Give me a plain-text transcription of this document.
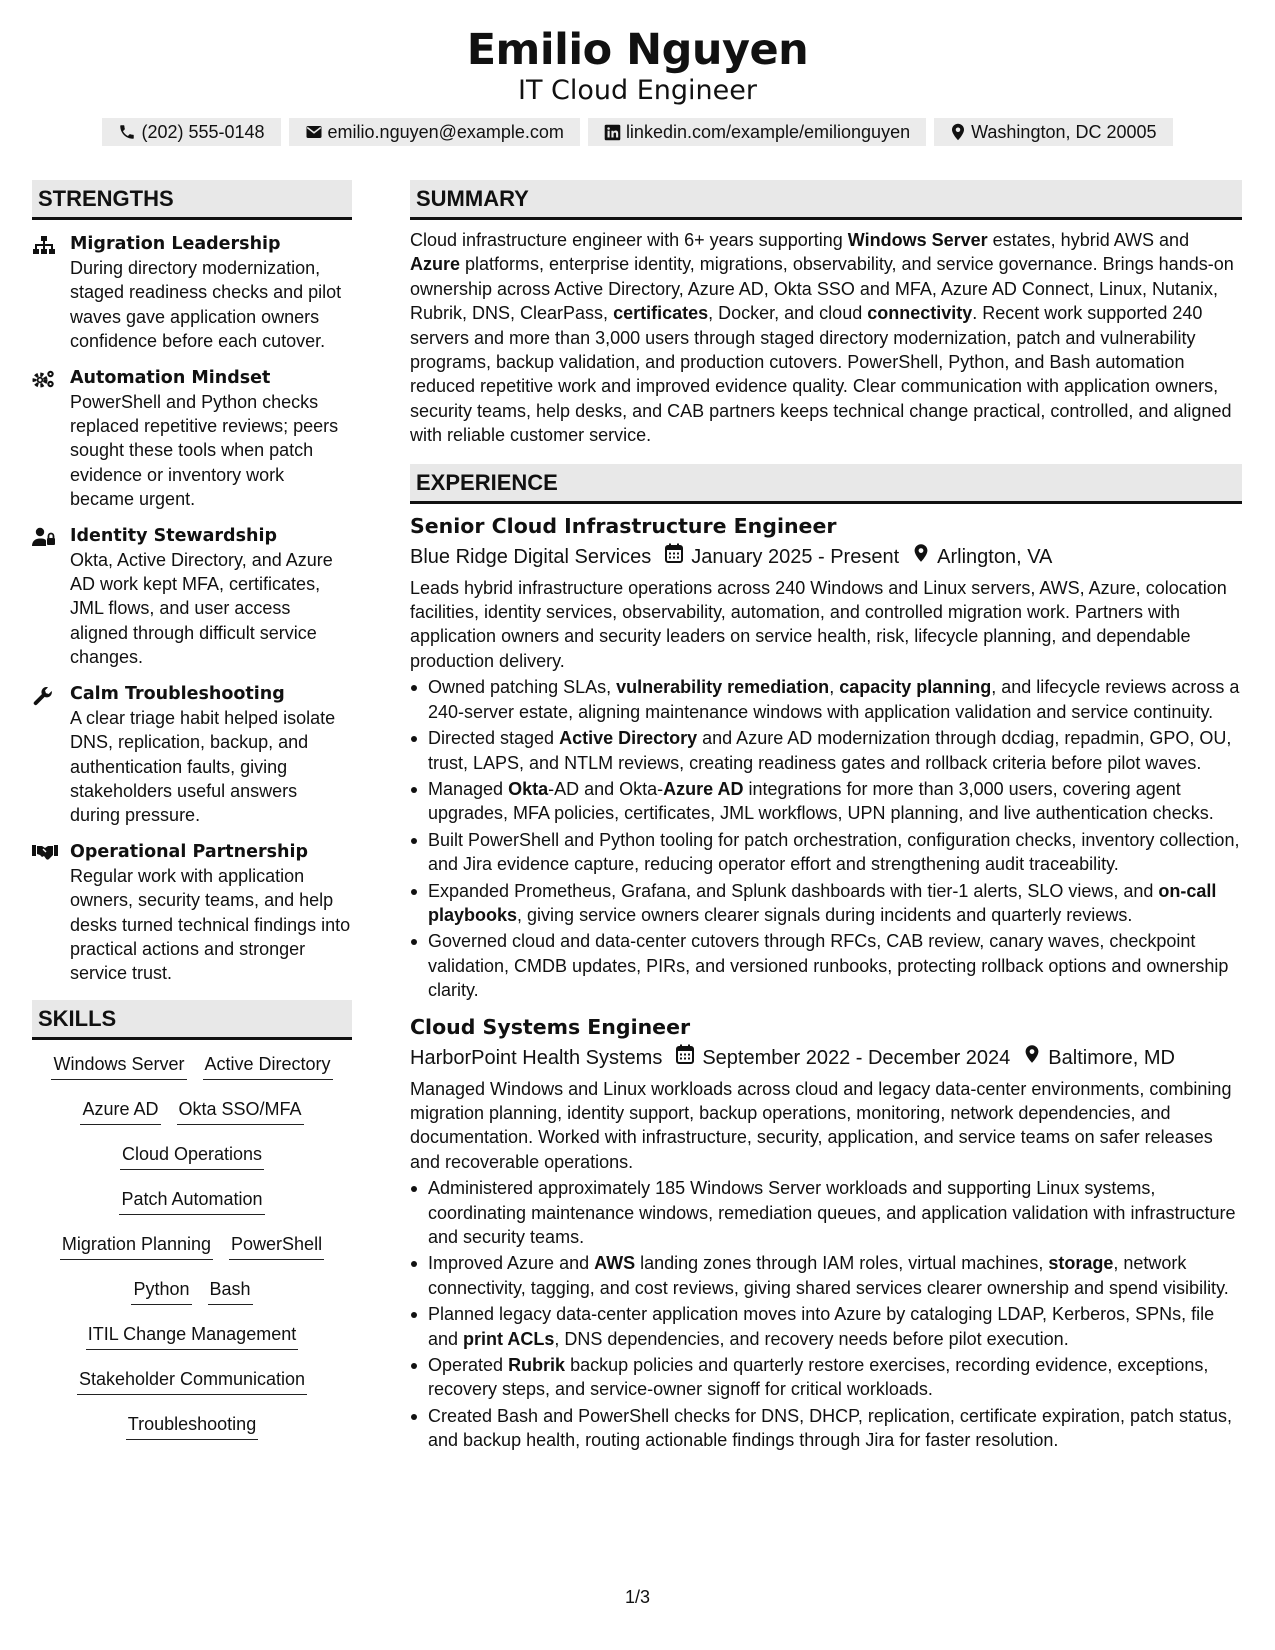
Emilio Nguyen
IT Cloud Engineer
(202) 555-0148	emilio.nguyen@example.com	linkedin.com/example/emilionguyen	Washington, DC 20005
STRENGTHS
Migration Leadership
During directory modernization, staged readiness checks and pilot waves gave application owners confidence before each cutover.
Automation Mindset
PowerShell and Python checks replaced repetitive reviews; peers sought these tools when patch evidence or inventory work became urgent.
Identity Stewardship
Okta, Active Directory, and Azure AD work kept MFA, certificates, JML flows, and user access aligned through difficult service changes.
Calm Troubleshooting
A clear triage habit helped isolate DNS, replication, backup, and authentication faults, giving stakeholders useful answers during pressure.
Operational Partnership
Regular work with application owners, security teams, and help desks turned technical findings into practical actions and stronger service trust.
SKILLS
Windows Server Active Directory
Azure AD Okta SSO/MFA
Cloud Operations
Patch Automation
Migration Planning PowerShell
Python Bash
ITIL Change Management
Stakeholder Communication
Troubleshooting
SUMMARY
Cloud infrastructure engineer with 6+ years supporting Windows Server estates, hybrid AWS and Azure platforms, enterprise identity, migrations, observability, and service governance. Brings hands-on ownership across Active Directory, Azure AD, Okta SSO and MFA, Azure AD Connect, Linux, Nutanix, Rubrik, DNS, ClearPass, certificates, Docker, and cloud connectivity. Recent work supported 240 servers and more than 3,000 users through staged directory modernization, patch and vulnerability programs, backup validation, and production cutovers. PowerShell, Python, and Bash automation reduced repetitive work and improved evidence quality. Clear communication with application owners, security teams, help desks, and CAB partners keeps technical change practical, controlled, and aligned with reliable customer service.
EXPERIENCE
Senior Cloud Infrastructure Engineer
Blue Ridge Digital Services January 2025 - Present Arlington, VA
Leads hybrid infrastructure operations across 240 Windows and Linux servers, AWS, Azure, colocation facilities, identity services, observability, automation, and controlled migration work. Partners with application owners and security leaders on service health, risk, lifecycle planning, and dependable production delivery.
Owned patching SLAs, vulnerability remediation, capacity planning, and lifecycle reviews across a 240-server estate, aligning maintenance windows with application validation and service continuity.
Directed staged Active Directory and Azure AD modernization through dcdiag, repadmin, GPO, OU, trust, LAPS, and NTLM reviews, creating readiness gates and rollback criteria before pilot waves.
Managed Okta-AD and Okta-Azure AD integrations for more than 3,000 users, covering agent upgrades, MFA policies, certificates, JML workflows, UPN planning, and live authentication checks.
Built PowerShell and Python tooling for patch orchestration, configuration checks, inventory collection, and Jira evidence capture, reducing operator effort and strengthening audit traceability.
Expanded Prometheus, Grafana, and Splunk dashboards with tier-1 alerts, SLO views, and on-call playbooks, giving service owners clearer signals during incidents and quarterly reviews.
Governed cloud and data-center cutovers through RFCs, CAB review, canary waves, checkpoint validation, CMDB updates, PIRs, and versioned runbooks, protecting rollback options and ownership clarity.
Cloud Systems Engineer
HarborPoint Health Systems September 2022 - December 2024 Baltimore, MD
Managed Windows and Linux workloads across cloud and legacy data-center environments, combining migration planning, identity support, backup operations, monitoring, network dependencies, and documentation. Worked with infrastructure, security, application, and service teams on safer releases and recoverable operations.
Administered approximately 185 Windows Server workloads and supporting Linux systems, coordinating maintenance windows, remediation queues, and application validation with infrastructure and security teams.
Improved Azure and AWS landing zones through IAM roles, virtual machines, storage, network connectivity, tagging, and cost reviews, giving shared services clearer ownership and spend visibility.
Planned legacy data-center application moves into Azure by cataloging LDAP, Kerberos, SPNs, file and print ACLs, DNS dependencies, and recovery needs before pilot execution.
Operated Rubrik backup policies and quarterly restore exercises, recording evidence, exceptions, recovery steps, and service-owner signoff for critical workloads.
Created Bash and PowerShell checks for DNS, DHCP, replication, certificate expiration, patch status, and backup health, routing actionable findings through Jira for faster resolution.
1/3
